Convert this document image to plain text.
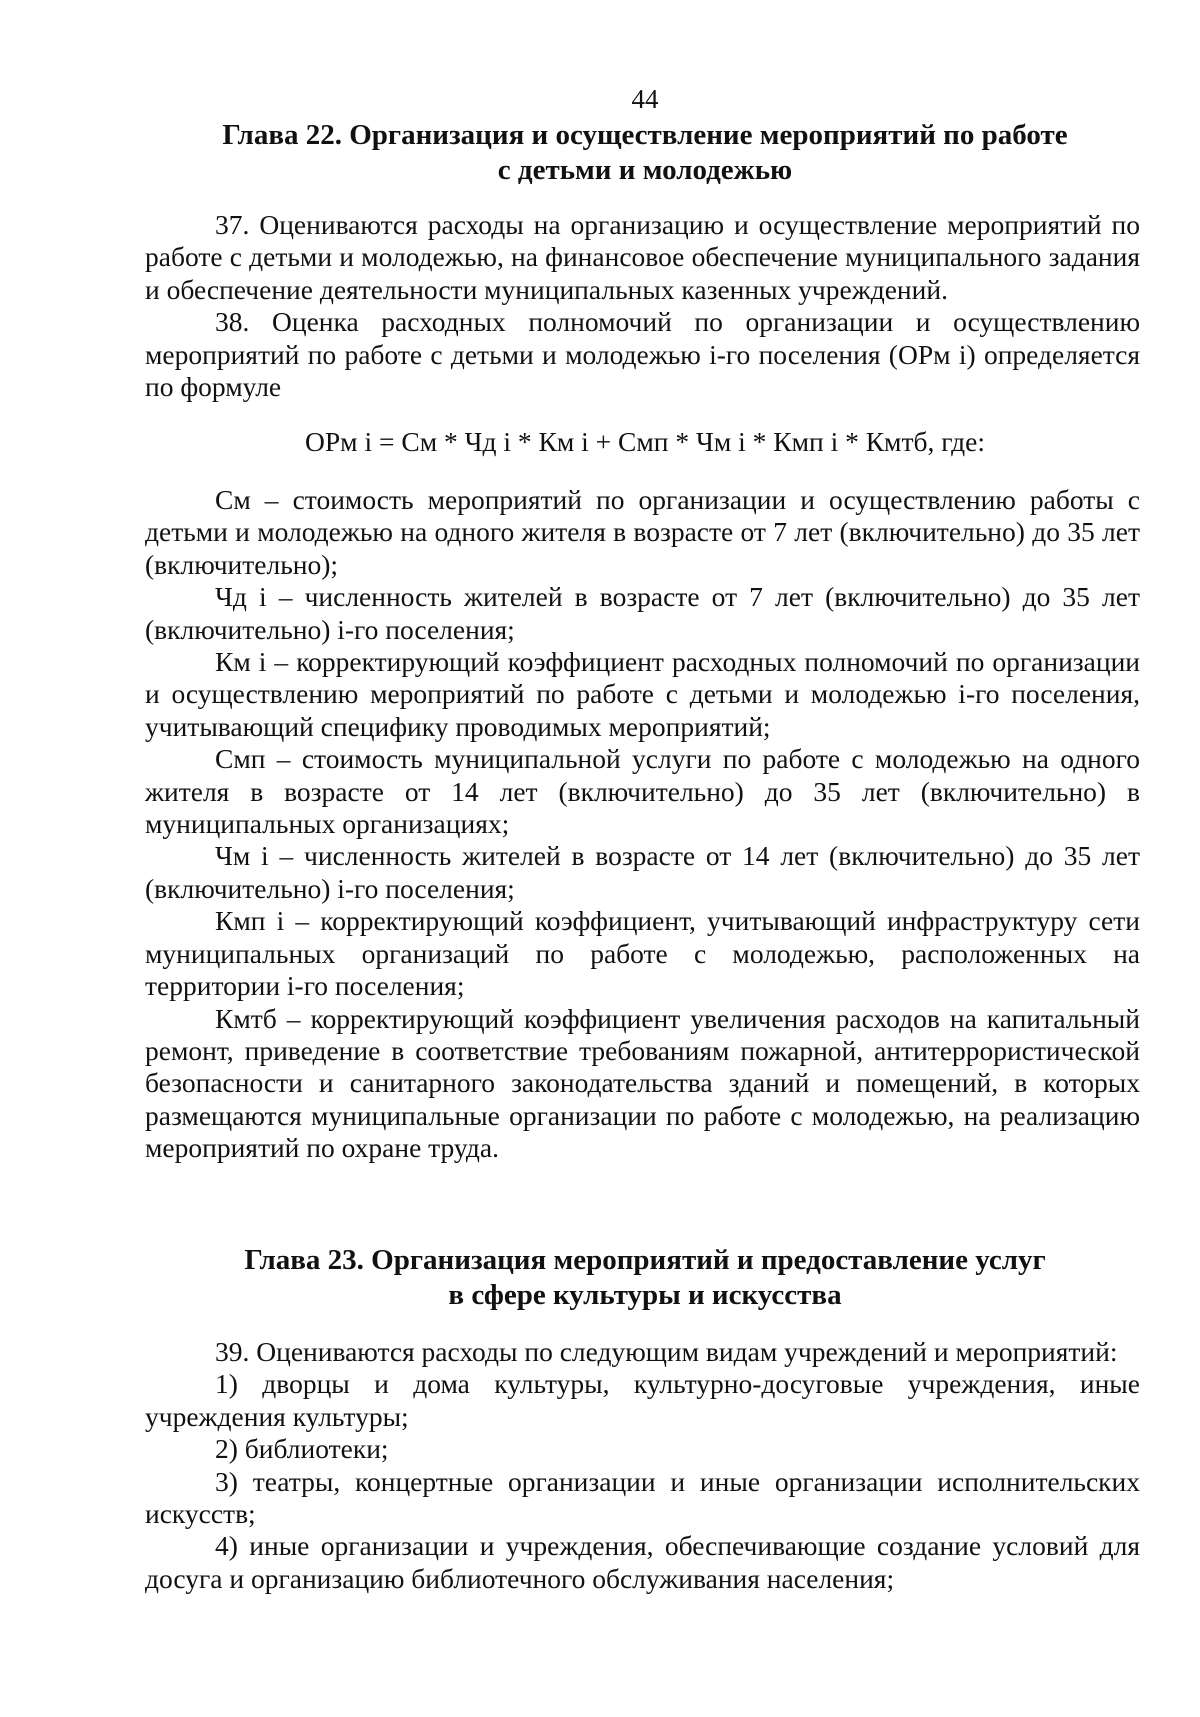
44
Глава 22. Организация и осуществление мероприятий по работе
с детьми и молодежью

37. Оцениваются расходы на организацию и осуществление мероприятий по работе с детьми и молодежью, на финансовое обеспечение муниципального задания и обеспечение деятельности муниципальных казенных учреждений.

38. Оценка расходных полномочий по организации и осуществлению мероприятий по работе с детьми и молодежью i-го поселения (ОРм i) определяется по формуле

ОРм i = См * Чд i * Км i + Смп * Чм i * Кмп i * Кмтб, где:

См – стоимость мероприятий по организации и осуществлению работы с детьми и молодежью на одного жителя в возрасте от 7 лет (включительно) до 35 лет (включительно);

Чд i – численность жителей в возрасте от 7 лет (включительно) до 35 лет (включительно) i-го поселения;

Км i – корректирующий коэффициент расходных полномочий по организации и осуществлению мероприятий по работе с детьми и молодежью i-го поселения, учитывающий специфику проводимых мероприятий;

Смп – стоимость муниципальной услуги по работе с молодежью на одного жителя в возрасте от 14 лет (включительно) до 35 лет (включительно) в муниципальных организациях;

Чм i – численность жителей в возрасте от 14 лет (включительно) до 35 лет (включительно) i-го поселения;

Кмп i – корректирующий коэффициент, учитывающий инфраструктуру сети муниципальных организаций по работе с молодежью, расположенных на территории i-го поселения;

Кмтб – корректирующий коэффициент увеличения расходов на капитальный ремонт, приведение в соответствие требованиям пожарной, антитеррористической безопасности и санитарного законодательства зданий и помещений, в которых размещаются муниципальные организации по работе с молодежью, на реализацию мероприятий по охране труда.

Глава 23. Организация мероприятий и предоставление услуг
в сфере культуры и искусства

39. Оцениваются расходы по следующим видам учреждений и мероприятий:

1) дворцы и дома культуры, культурно-досуговые учреждения, иные учреждения культуры;

2) библиотеки;

3) театры, концертные организации и иные организации исполнительских искусств;

4) иные организации и учреждения, обеспечивающие создание условий для досуга и организацию библиотечного обслуживания населения;
